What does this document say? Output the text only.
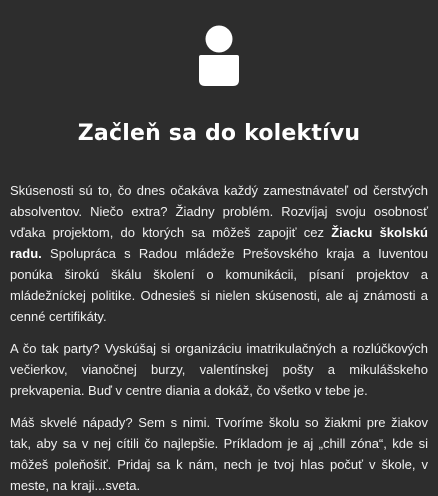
Začleň sa do kolektívu

Skúsenosti sú to, čo dnes očakáva každý zamestnávateľ od čerstvých absolventov. Niečo extra? Žiadny problém. Rozvíjaj svoju osobnosť vďaka projektom, do ktorých sa môžeš zapojiť cez Žiacku školskú radu. Spolupráca s Radou mládeže Prešovského kraja a Iuventou ponúka širokú škálu školení o komunikácii, písaní projektov a mládežníckej politike. Odnesieš si nielen skúsenosti, ale aj známosti a cenné certifikáty.

A čo tak party? Vyskúšaj si organizáciu imatrikulačných a rozlúčkových večierkov, vianočnej burzy, valentínskej pošty a mikulášskeho prekvapenia. Buď v centre diania a dokáž, čo všetko v tebe je.

Máš skvelé nápady? Sem s nimi. Tvoríme školu so žiakmi pre žiakov tak, aby sa v nej cítili čo najlepšie. Príkladom je aj „chill zóna“, kde si môžeš poleňošiť. Pridaj sa k nám, nech je tvoj hlas počuť v škole, v meste, na kraji...sveta.
